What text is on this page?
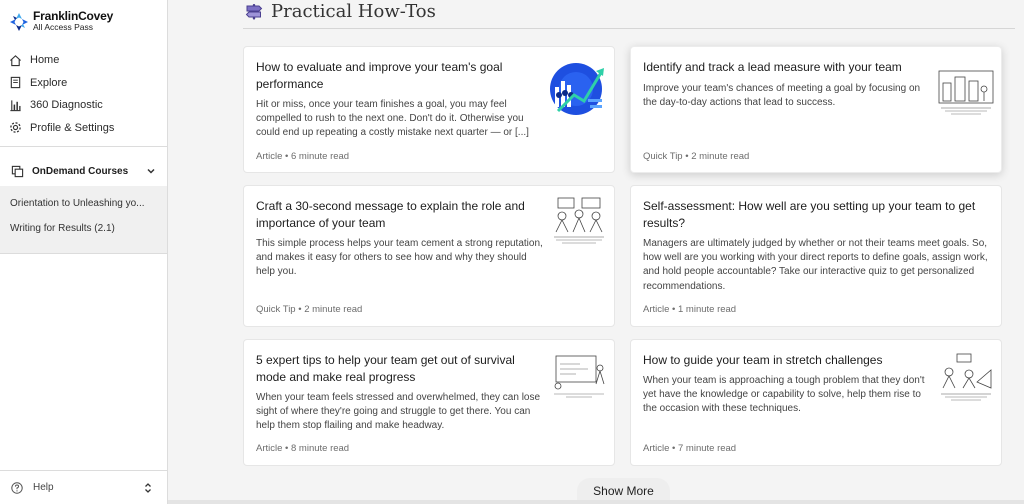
FranklinCovey
All Access Pass
Home
Explore
360 Diagnostic
Profile & Settings
OnDemand Courses
Orientation to Unleashing yo...
Writing for Results (2.1)
Help
Practical How-Tos
How to evaluate and improve your team's goal performance
Hit or miss, once your team finishes a goal, you may feel compelled to rush to the next one. Don't do it. Otherwise you could end up repeating a costly mistake next quarter — or [...]
Article • 6 minute read
Identify and track a lead measure with your team
Improve your team's chances of meeting a goal by focusing on the day-to-day actions that lead to success.
Quick Tip • 2 minute read
Craft a 30-second message to explain the role and importance of your team
This simple process helps your team cement a strong reputation, and makes it easy for others to see how and why they should help you.
Quick Tip • 2 minute read
Self-assessment: How well are you setting up your team to get results?
Managers are ultimately judged by whether or not their teams meet goals. So, how well are you working with your direct reports to define goals, assign work, and hold people accountable? Take our interactive quiz to get personalized recommendations.
Article • 1 minute read
5 expert tips to help your team get out of survival mode and make real progress
When your team feels stressed and overwhelmed, they can lose sight of where they're going and struggle to get there. You can help them stop flailing and make headway.
Article • 8 minute read
How to guide your team in stretch challenges
When your team is approaching a tough problem that they don't yet have the knowledge or capability to solve, help them rise to the occasion with these techniques.
Article • 7 minute read
Show More
